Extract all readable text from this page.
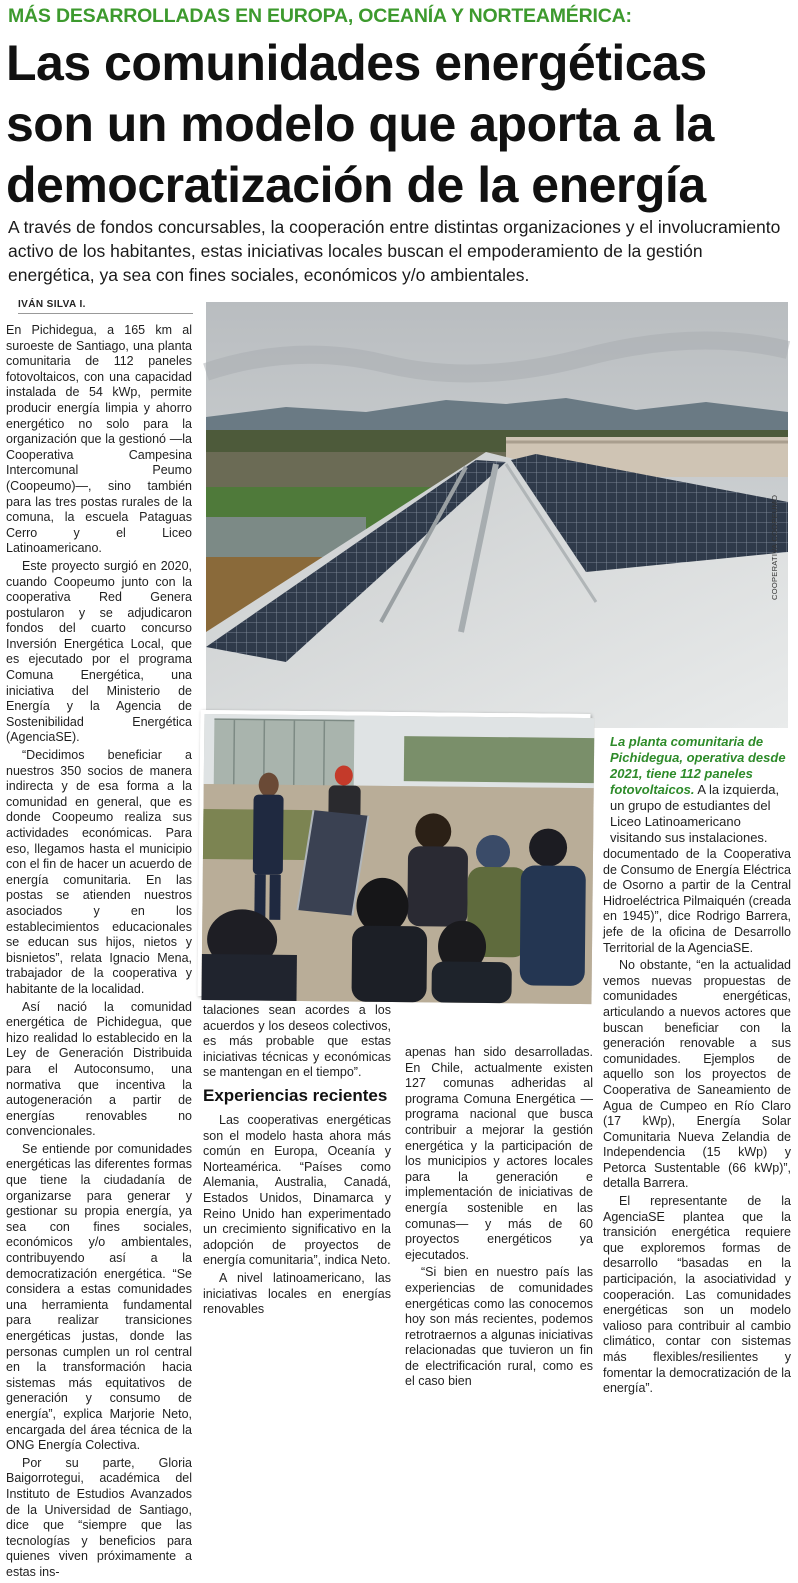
MÁS DESARROLLADAS EN EUROPA, OCEANÍA Y NORTEAMÉRICA:
Las comunidades energéticas son un modelo que aporta a la democratización de la energía

A través de fondos concursables, la cooperación entre distintas organizaciones y el involucramiento activo de los habitantes, estas iniciativas locales buscan el empoderamiento de la gestión energética, ya sea con fines sociales, económicos y/o ambientales.

IVÁN SILVA I.

En Pichidegua, a 165 km al suroeste de Santiago, una planta comunitaria de 112 paneles fotovoltaicos, con una capacidad instalada de 54 kWp, permite producir energía limpia y ahorro energético no solo para la organización que la gestionó —la Cooperativa Campesina Intercomunal Peumo (Coopeumo)—, sino también para las tres postas rurales de la comuna, la escuela Pataguas Cerro y el Liceo Latinoamericano.

Este proyecto surgió en 2020, cuando Coopeumo junto con la cooperativa Red Genera postularon y se adjudicaron fondos del cuarto concurso Inversión Energética Local, que es ejecutado por el programa Comuna Energética, una iniciativa del Ministerio de Energía y la Agencia de Sostenibilidad Energética (AgenciaSE).

“Decidimos beneficiar a nuestros 350 socios de manera indirecta y de esa forma a la comunidad en general, que es donde Coopeumo realiza sus actividades económicas. Para eso, llegamos hasta el municipio con el fin de hacer un acuerdo de energía comunitaria. En las postas se atienden nuestros asociados y en los establecimientos educacionales se educan sus hijos, nietos y bisnietos”, relata Ignacio Mena, trabajador de la cooperativa y habitante de la localidad.

Así nació la comunidad energética de Pichidegua, que hizo realidad lo establecido en la Ley de Generación Distribuida para el Autoconsumo, una normativa que incentiva la autogeneración a partir de energías renovables no convencionales.

Se entiende por comunidades energéticas las diferentes formas que tiene la ciudadanía de organizarse para generar y gestionar su propia energía, ya sea con fines sociales, económicos y/o ambientales, contribuyendo así a la democratización energética. “Se considera a estas comunidades una herramienta fundamental para realizar transiciones energéticas justas, donde las personas cumplen un rol central en la transformación hacia sistemas más equitativos de generación y consumo de energía”, explica Marjorie Neto, encargada del área técnica de la ONG Energía Colectiva.

Por su parte, Gloria Baigorrotegui, académica del Instituto de Estudios Avanzados de la Universidad de Santiago, dice que “siempre que las tecnologías y beneficios para quienes viven próximamente a estas ins-

COOPERATIVA COOPEUMO
La planta comunitaria de Pichidegua, operativa desde 2021, tiene 112 paneles fotovoltaicos. A la izquierda, un grupo de estudiantes del Liceo Latinoamericano visitando sus instalaciones.

talaciones sean acordes a los acuerdos y los deseos colectivos, es más probable que estas iniciativas técnicas y económicas se mantengan en el tiempo”.

Experiencias recientes

Las cooperativas energéticas son el modelo hasta ahora más común en Europa, Oceanía y Norteamérica. “Países como Alemania, Australia, Canadá, Estados Unidos, Dinamarca y Reino Unido han experimentado un crecimiento significativo en la adopción de proyectos de energía comunitaria”, indica Neto.

A nivel latinoamericano, las iniciativas locales en energías renovables

apenas han sido desarrolladas. En Chile, actualmente existen 127 comunas adheridas al programa Comuna Energética —programa nacional que busca contribuir a mejorar la gestión energética y la participación de los municipios y actores locales para la generación e implementación de iniciativas de energía sostenible en las comunas— y más de 60 proyectos energéticos ya ejecutados.

“Si bien en nuestro país las experiencias de comunidades energéticas como las conocemos hoy son más recientes, podemos retrotraernos a algunas iniciativas relacionadas que tuvieron un fin de electrificación rural, como es el caso bien

documentado de la Cooperativa de Consumo de Energía Eléctrica de Osorno a partir de la Central Hidroeléctrica Pilmaiquén (creada en 1945)”, dice Rodrigo Barrera, jefe de la oficina de Desarrollo Territorial de la AgenciaSE.

No obstante, “en la actualidad vemos nuevas propuestas de comunidades energéticas, articulando a nuevos actores que buscan beneficiar con la generación renovable a sus comunidades. Ejemplos de aquello son los proyectos de Cooperativa de Saneamiento de Agua de Cumpeo en Río Claro (17 kWp), Energía Solar Comunitaria Nueva Zelandia de Independencia (15 kWp) y Petorca Sustentable (66 kWp)”, detalla Barrera.

El representante de la AgenciaSE plantea que la transición energética requiere que exploremos formas de desarrollo “basadas en la participación, la asociatividad y cooperación. Las comunidades energéticas son un modelo valioso para contribuir al cambio climático, contar con sistemas más flexibles/resilientes y fomentar la democratización de la energía”.
